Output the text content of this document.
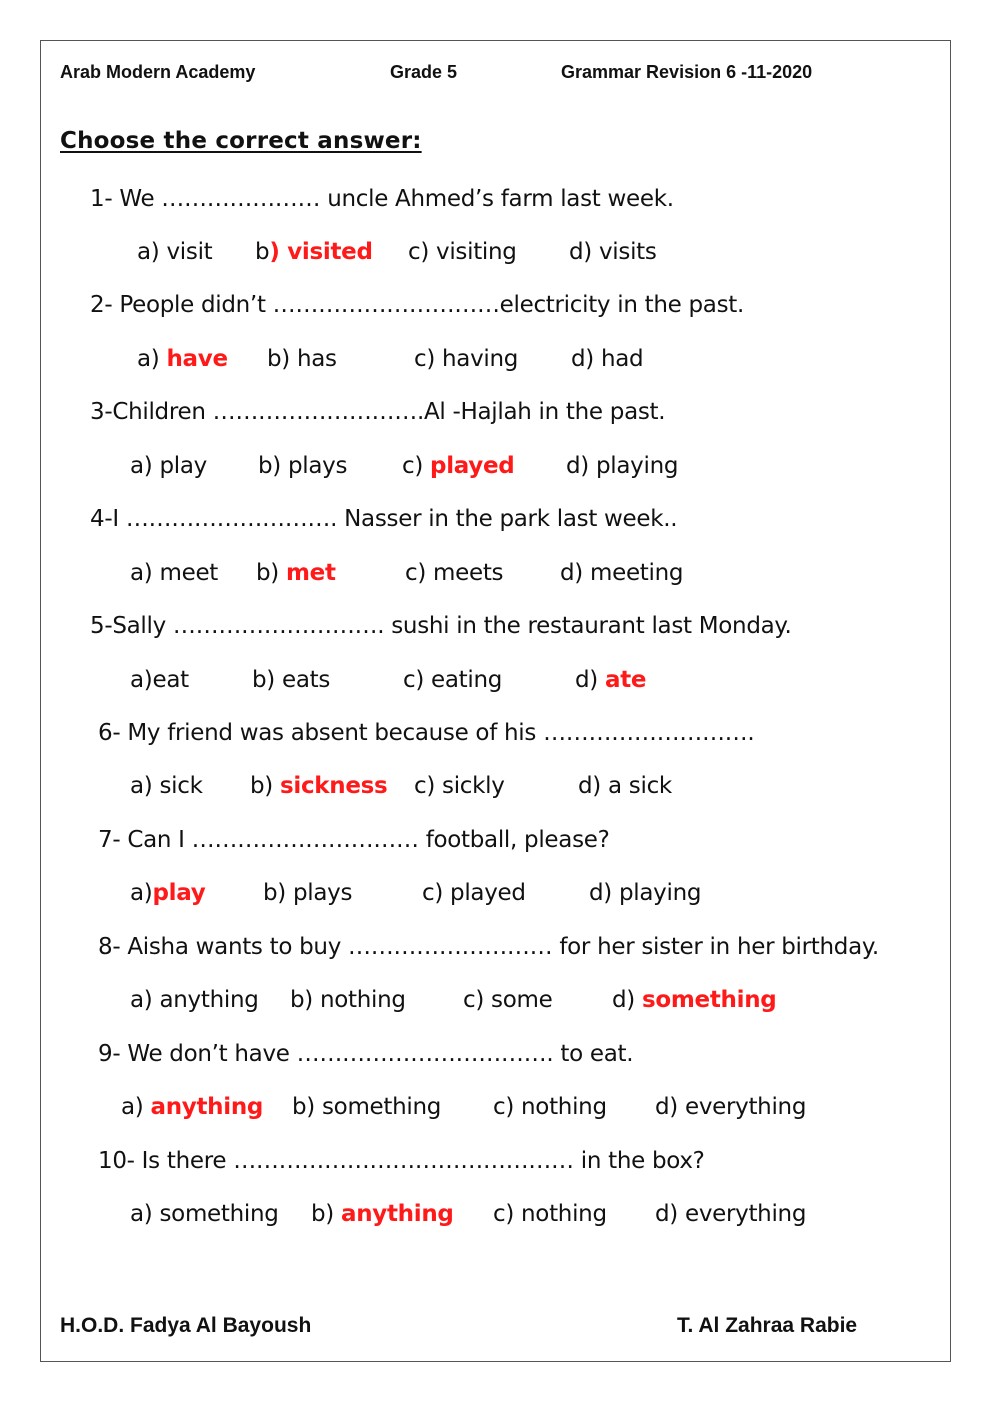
Arab Modern Academy	Grade 5	Grammar Revision 6 -11-2020
Choose the correct answer:
1- We ………………… uncle Ahmed’s farm last week.
a) visit b) visited c) visiting d) visits
2- People didn’t …………………………electricity in the past.
a) have b) has	c) having d) had
3-Children ……………………….Al -Hajlah in the past.
a) play b) plays c) played d) playing
4-I ………………………. Nasser in the park last week..
a) meet b) met	c) meets d) meeting
5-Sally ………………………. sushi in the restaurant last Monday.
a)eat	b) eats	c) eating	d) ate
6- My friend was absent because of his ……………………….
a) sick b) sickness c) sickly	d) a sick
7- Can I ………………………… football, please?
a)play	b) plays	c) played	d) playing
8- Aisha wants to buy ……………………… for her sister in her birthday.
a) anything b) nothing c) some	d) something
9- We don’t have ……………………………. to eat.
a) anything b) something c) nothing d) everything
10- Is there ……………………………………… in the box?
a) something b) anything c) nothing d) everything
H.O.D. Fadya Al Bayoush	T. Al Zahraa Rabie
